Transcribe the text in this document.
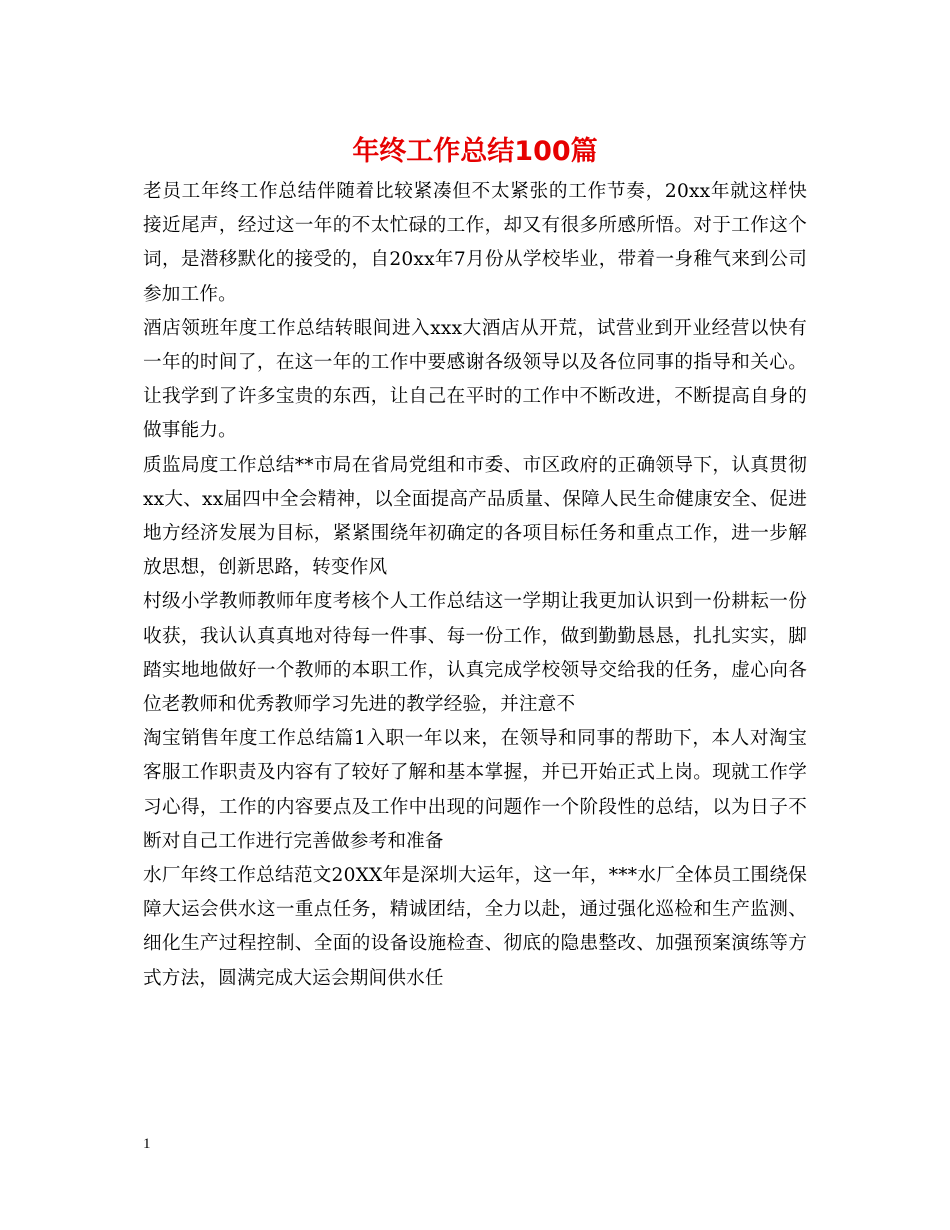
年终工作总结100篇

老员工年终工作总结伴随着比较紧凑但不太紧张的工作节奏，20xx年就这样快接近尾声，经过这一年的不太忙碌的工作，却又有很多所感所悟。对于工作这个词，是潜移默化的接受的，自20xx年7月份从学校毕业，带着一身稚气来到公司参加工作。

酒店领班年度工作总结转眼间进入xxx大酒店从开荒，试营业到开业经营以快有一年的时间了，在这一年的工作中要感谢各级领导以及各位同事的指导和关心。让我学到了许多宝贵的东西，让自己在平时的工作中不断改进，不断提高自身的做事能力。

质监局度工作总结**市局在省局党组和市委、市区政府的正确领导下，认真贯彻xx大、xx届四中全会精神，以全面提高产品质量、保障人民生命健康安全、促进地方经济发展为目标，紧紧围绕年初确定的各项目标任务和重点工作，进一步解放思想，创新思路，转变作风

村级小学教师教师年度考核个人工作总结这一学期让我更加认识到一份耕耘一份收获，我认认真真地对待每一件事、每一份工作，做到勤勤恳恳，扎扎实实，脚踏实地地做好一个教师的本职工作，认真完成学校领导交给我的任务，虚心向各位老教师和优秀教师学习先进的教学经验，并注意不

淘宝销售年度工作总结篇1入职一年以来，在领导和同事的帮助下，本人对淘宝客服工作职责及内容有了较好了解和基本掌握，并已开始正式上岗。现就工作学习心得，工作的内容要点及工作中出现的问题作一个阶段性的总结，以为日子不断对自己工作进行完善做参考和准备

水厂年终工作总结范文20XX年是深圳大运年，这一年，***水厂全体员工围绕保障大运会供水这一重点任务，精诚团结，全力以赴，通过强化巡检和生产监测、细化生产过程控制、全面的设备设施检查、彻底的隐患整改、加强预案演练等方式方法，圆满完成大运会期间供水任

1
